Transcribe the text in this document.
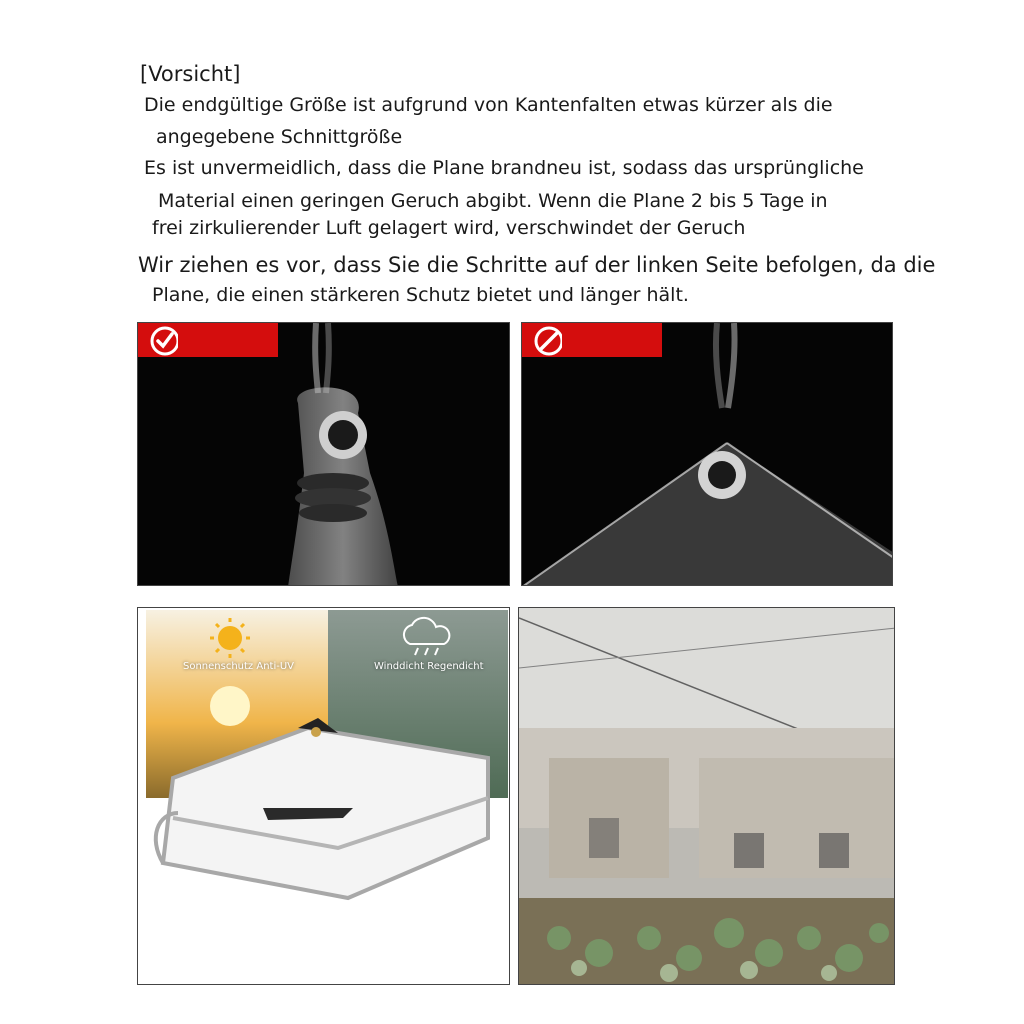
[Vorsicht]
Die endgültige Größe ist aufgrund von Kantenfalten etwas kürzer als die
angegebene Schnittgröße
Es ist unvermeidlich, dass die Plane brandneu ist, sodass das ursprüngliche
Material einen geringen Geruch abgibt. Wenn die Plane 2 bis 5 Tage in
frei zirkulierender Luft gelagert wird, verschwindet der Geruch
Wir ziehen es vor, dass Sie die Schritte auf der linken Seite befolgen, da die
Plane, die einen stärkeren Schutz bietet und länger hält.
Sonnenschutz Anti-UV	Winddicht Regendicht
